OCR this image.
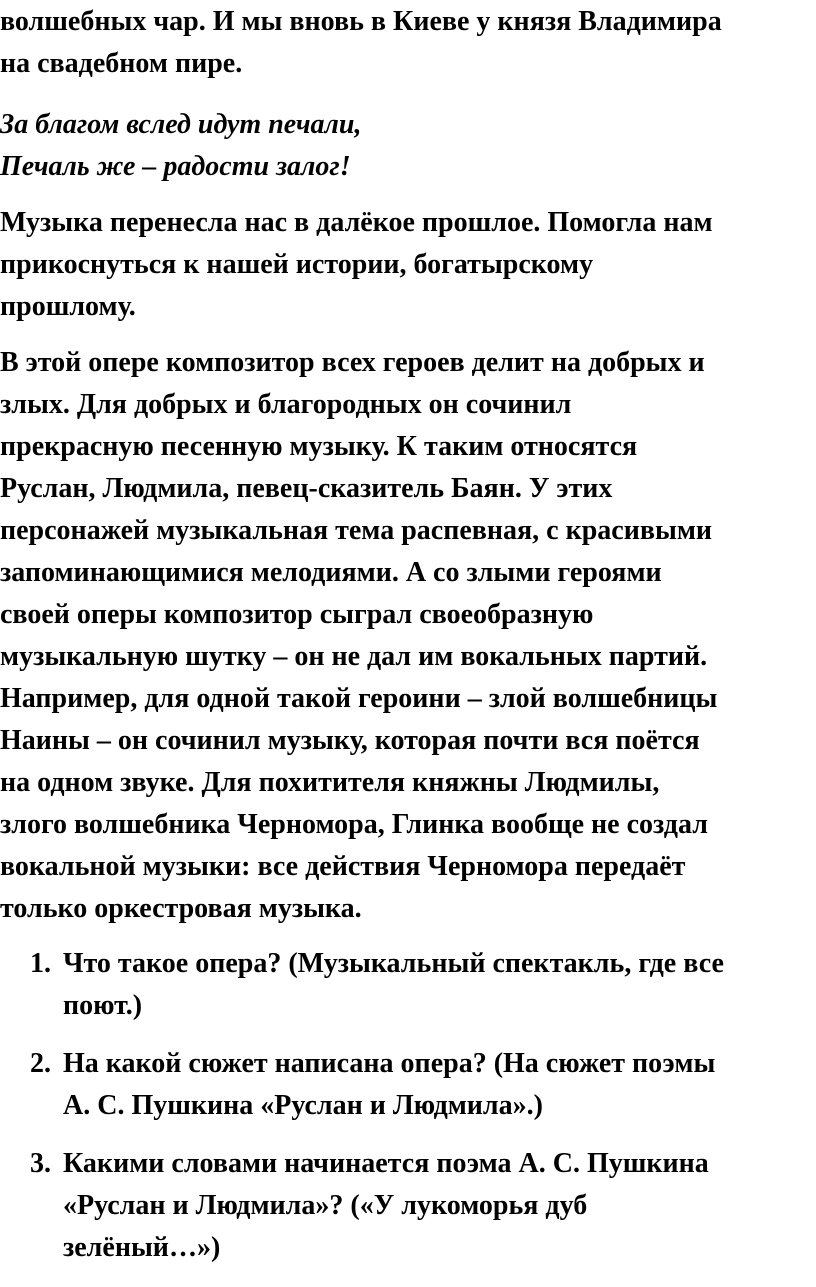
волшебных чар. И мы вновь в Киеве у князя Владимира
на свадебном пире.

За благом вслед идут печали,
Печаль же – радости залог!

Музыка перенесла нас в далёкое прошлое. Помогла нам
прикоснуться к нашей истории, богатырскому
прошлому.

В этой опере композитор всех героев делит на добрых и
злых. Для добрых и благородных он сочинил
прекрасную песенную музыку. К таким относятся
Руслан, Людмила, певец-сказитель Баян. У этих
персонажей музыкальная тема распевная, с красивыми
запоминающимися мелодиями. А со злыми героями
своей оперы композитор сыграл своеобразную
музыкальную шутку – он не дал им вокальных партий.
Например, для одной такой героини – злой волшебницы
Наины – он сочинил музыку, которая почти вся поётся
на одном звуке. Для похитителя княжны Людмилы,
злого волшебника Черномора, Глинка вообще не создал
вокальной музыки: все действия Черномора передаёт
только оркестровая музыка.

1. Что такое опера? (Музыкальный спектакль, где все
поют.)
2. На какой сюжет написана опера? (На сюжет поэмы
А. С. Пушкина «Руслан и Людмила».)
3. Какими словами начинается поэма А. С. Пушкина
«Руслан и Людмила»? («У лукоморья дуб
зелёный…»)
